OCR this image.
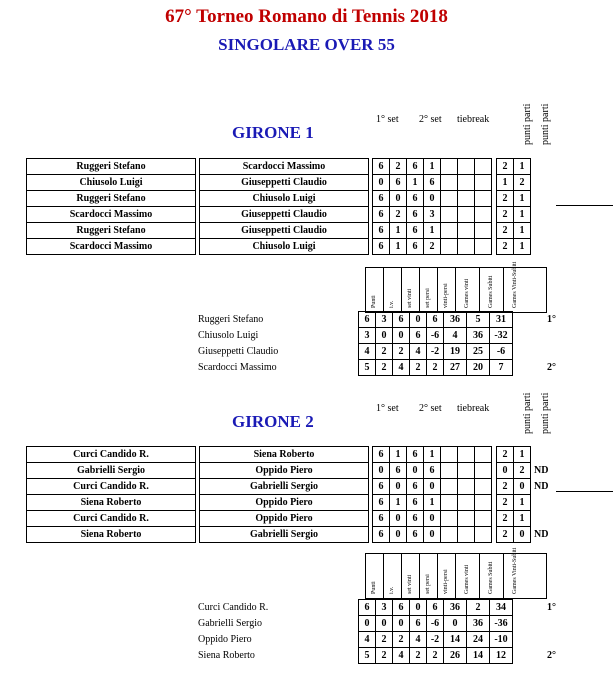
67° Torneo Romano di Tennis 2018
SINGOLARE OVER 55
GIRONE 1
1° set 2° set tiebreak	punti parti punti parti
Ruggeri Stefano		Scardocci Massimo		6	2	6	1					2	1	
Chiusolo Luigi		Giuseppetti Claudio		0	6	1	6					1	2	
Ruggeri Stefano		Chiusolo Luigi		6	0	6	0					2	1	
Scardocci Massimo		Giuseppetti Claudio		6	2	6	3					2	1	
Ruggeri Stefano		Giuseppetti Claudio		6	1	6	1					2	1	
Scardocci Massimo		Chiusolo Luigi		6	1	6	2					2	1	
Punti i.v. set vinti set persi vinti-persi	Games vinti	Games Subiti	Games Vinti-Subiti
Ruggeri Stefano	6	3	6	0	6	36	5	31	1°
Chiusolo Luigi	3	0	0	6	-6	4	36	-32	
Giuseppetti Claudio	4	2	2	4	-2	19	25	-6	
Scardocci Massimo	5	2	4	2	2	27	20	7	2°
GIRONE 2
1° set 2° set tiebreak	punti parti punti parti
Curci Candido R.		Siena Roberto		6	1	6	1					2	1	
Gabrielli Sergio		Oppido Piero		0	6	0	6					0	2	ND
Curci Candido R.		Gabrielli Sergio		6	0	6	0					2	0	ND
Siena Roberto		Oppido Piero		6	1	6	1					2	1	
Curci Candido R.		Oppido Piero		6	0	6	0					2	1	
Siena Roberto		Gabrielli Sergio		6	0	6	0					2	0	ND
Punti i.v. set vinti set persi vinti-persi	Games vinti	Games Subiti	Games Vinti-Subiti
Curci Candido R.	6	3	6	0	6	36	2	34	1°
Gabrielli Sergio	0	0	0	6	-6	0	36	-36	
Oppido Piero	4	2	2	4	-2	14	24	-10	
Siena Roberto	5	2	4	2	2	26	14	12	2°
